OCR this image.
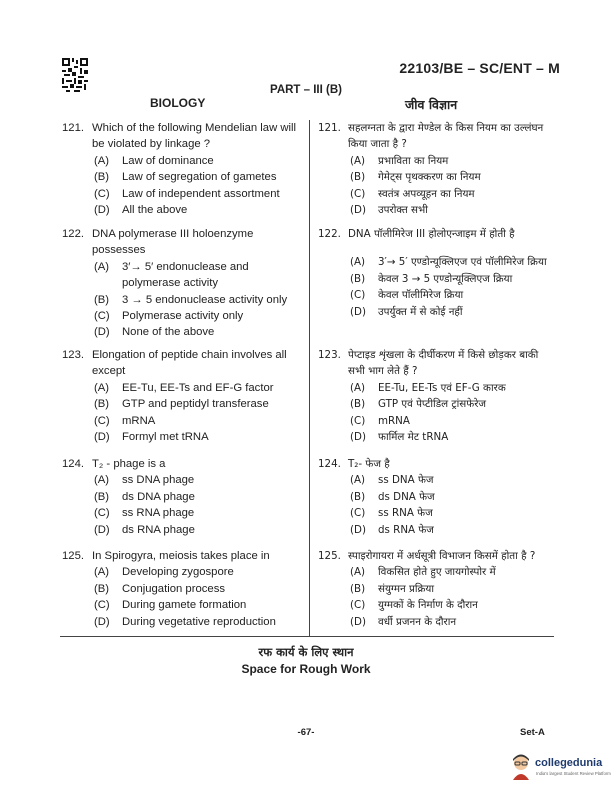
22103/BE – SC/ENT – M
PART – III (B)
BIOLOGY	जीव विज्ञान
121. Which of the following Mendelian law will be violated by linkage ?
(A) Law of dominance
(B) Law of segregation of gametes
(C) Law of independent assortment
(D) All the above
122. DNA polymerase III holoenzyme possesses
(A) 3′→ 5′ endonuclease and polymerase activity
(B) 3 → 5 endonuclease activity only
(C) Polymerase activity only
(D) None of the above
123. Elongation of peptide chain involves all except
(A) EE-Tu, EE-Ts and EF-G factor
(B) GTP and peptidyl transferase
(C) mRNA
(D) Formyl met tRNA
124. T₂ - phage is a
(A) ss DNA phage
(B) ds DNA phage
(C) ss RNA phage
(D) ds RNA phage
125. In Spirogyra, meiosis takes place in
(A) Developing zygospore
(B) Conjugation process
(C) During gamete formation
(D) During vegetative reproduction
121. सहलग्नता के द्वारा मेण्डेल के किस नियम का उल्लंघन किया जाता है ?
(A) प्रभाविता का नियम
(B) गेमेट्स पृथक्करण का नियम
(C) स्वतंत्र अपव्यूहन का नियम
(D) उपरोक्त सभी
122. DNA पॉलीमिरेज III होलोएन्जाइम में होती है
(A) 3′→ 5′ एण्डोन्यूक्लिएज एवं पॉलीमिरेज क्रिया
(B) केवल 3 → 5 एण्डोन्यूक्लिएज क्रिया
(C) केवल पॉलीमिरेज क्रिया
(D) उपर्युक्त में से कोई नहीं
123. पेप्टाइड शृंखला के दीर्घीकरण में किसे छोड़कर बाकी सभी भाग लेते हैं ?
(A) EE-Tu, EE-Ts एवं EF-G कारक
(B) GTP एवं पेप्टीडिल ट्रांसफेरेज
(C) mRNA
(D) फार्मिल मेट tRNA
124. T₂- फेज है
(A) ss DNA फेज
(B) ds DNA फेज
(C) ss RNA फेज
(D) ds RNA फेज
125. स्पाइरोगायरा में अर्धसूत्री विभाजन किसमें होता है ?
(A) विकसित होते हुए जायगोस्पोर में
(B) संयुग्मन प्रक्रिया
(C) युग्मकों के निर्माण के दौरान
(D) वर्धी प्रजनन के दौरान
रफ कार्य के लिए स्थान
Space for Rough Work
-67-	Set-A
collegedunia
India's largest Student Review Platform
